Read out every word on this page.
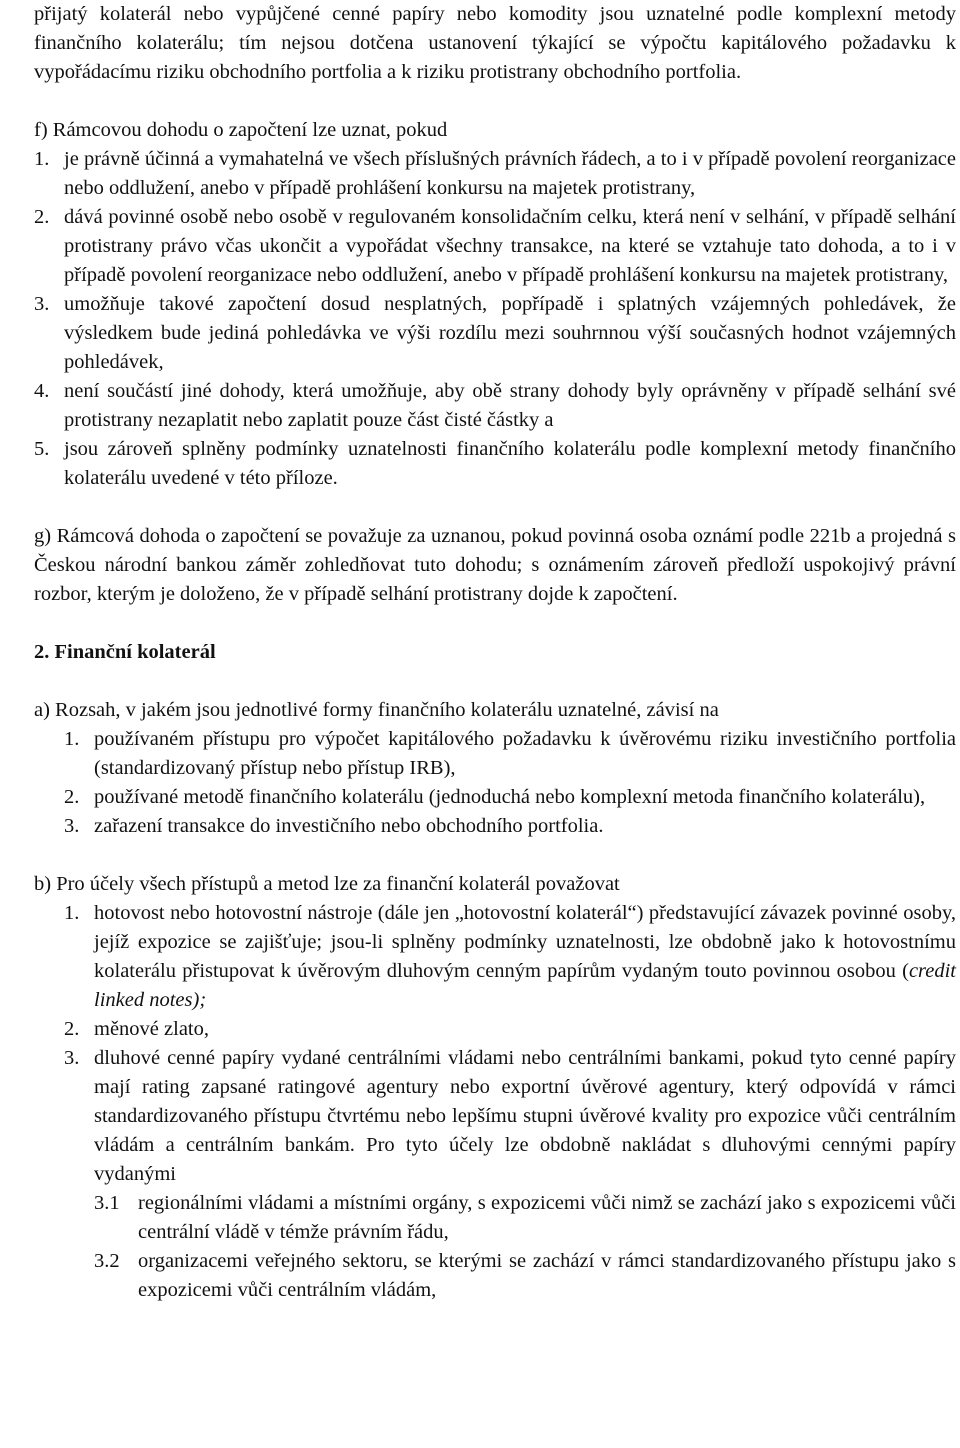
přijatý kolaterál nebo vypůjčené cenné papíry nebo komodity jsou uznatelné podle komplexní metody finančního kolaterálu; tím nejsou dotčena ustanovení týkající se výpočtu kapitálového požadavku k vypořádacímu riziku obchodního portfolia a k riziku protistrany obchodního portfolia.

f) Rámcovou dohodu o započtení lze uznat, pokud

1. je právně účinná a vymahatelná ve všech příslušných právních řádech, a to i v případě povolení reorganizace nebo oddlužení, anebo v případě prohlášení konkursu na majetek protistrany,
2. dává povinné osobě nebo osobě v regulovaném konsolidačním celku, která není v selhání, v případě selhání protistrany právo včas ukončit a vypořádat všechny transakce, na které se vztahuje tato dohoda, a to i v případě povolení reorganizace nebo oddlužení, anebo v případě prohlášení konkursu na majetek protistrany,
3. umožňuje takové započtení dosud nesplatných, popřípadě i splatných vzájemných pohledávek, že výsledkem bude jediná pohledávka ve výši rozdílu mezi souhrnnou výší současných hodnot vzájemných pohledávek,
4. není součástí jiné dohody, která umožňuje, aby obě strany dohody byly oprávněny v případě selhání své protistrany nezaplatit nebo zaplatit pouze část čisté částky a
5. jsou zároveň splněny podmínky uznatelnosti finančního kolaterálu podle komplexní metody finančního kolaterálu uvedené v této příloze.

g) Rámcová dohoda o započtení se považuje za uznanou, pokud povinná osoba oznámí podle 221b a projedná s Českou národní bankou záměr zohledňovat tuto dohodu; s oznámením zároveň předloží uspokojivý právní rozbor, kterým je doloženo, že v případě selhání protistrany dojde k započtení.

2. Finanční kolaterál

a) Rozsah, v jakém jsou jednotlivé formy finančního kolaterálu uznatelné, závisí na

1. používaném přístupu pro výpočet kapitálového požadavku k úvěrovému riziku investičního portfolia (standardizovaný přístup nebo přístup IRB),
2. používané metodě finančního kolaterálu (jednoduchá nebo komplexní metoda finančního kolaterálu),
3. zařazení transakce do investičního nebo obchodního portfolia.

b) Pro účely všech přístupů a metod lze za finanční kolaterál považovat

1. hotovost nebo hotovostní nástroje (dále jen „hotovostní kolaterál“) představující závazek povinné osoby, jejíž expozice se zajišťuje; jsou-li splněny podmínky uznatelnosti, lze obdobně jako k hotovostnímu kolaterálu přistupovat k úvěrovým dluhovým cenným papírům vydaným touto povinnou osobou (credit linked notes);
2. měnové zlato,
3. dluhové cenné papíry vydané centrálními vládami nebo centrálními bankami, pokud tyto cenné papíry mají rating zapsané ratingové agentury nebo exportní úvěrové agentury, který odpovídá v rámci standardizovaného přístupu čtvrtému nebo lepšímu stupni úvěrové kvality pro expozice vůči centrálním vládám a centrálním bankám. Pro tyto účely lze obdobně nakládat s dluhovými cennými papíry vydanými
3.1 regionálními vládami a místními orgány, s expozicemi vůči nimž se zachází jako s expozicemi vůči centrální vládě v témže právním řádu,
3.2 organizacemi veřejného sektoru, se kterými se zachází v rámci standardizovaného přístupu jako s expozicemi vůči centrálním vládám,
